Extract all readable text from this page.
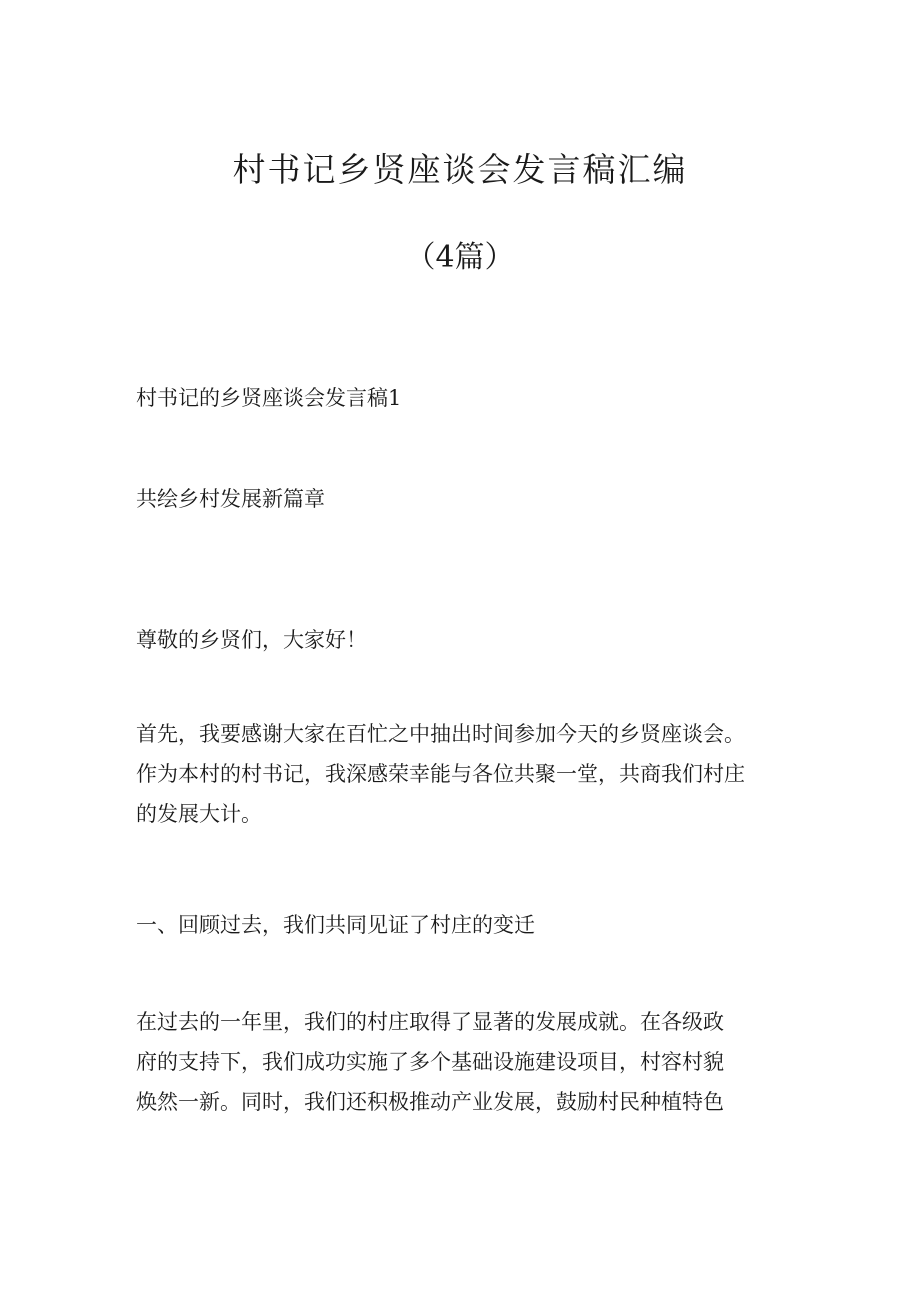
村书记乡贤座谈会发言稿汇编
（4篇）

村书记的乡贤座谈会发言稿1

共绘乡村发展新篇章

尊敬的乡贤们，大家好！

首先，我要感谢大家在百忙之中抽出时间参加今天的乡贤座谈会。
作为本村的村书记，我深感荣幸能与各位共聚一堂，共商我们村庄
的发展大计。

一、回顾过去，我们共同见证了村庄的变迁

在过去的一年里，我们的村庄取得了显著的发展成就。在各级政
府的支持下，我们成功实施了多个基础设施建设项目，村容村貌
焕然一新。同时，我们还积极推动产业发展，鼓励村民种植特色
